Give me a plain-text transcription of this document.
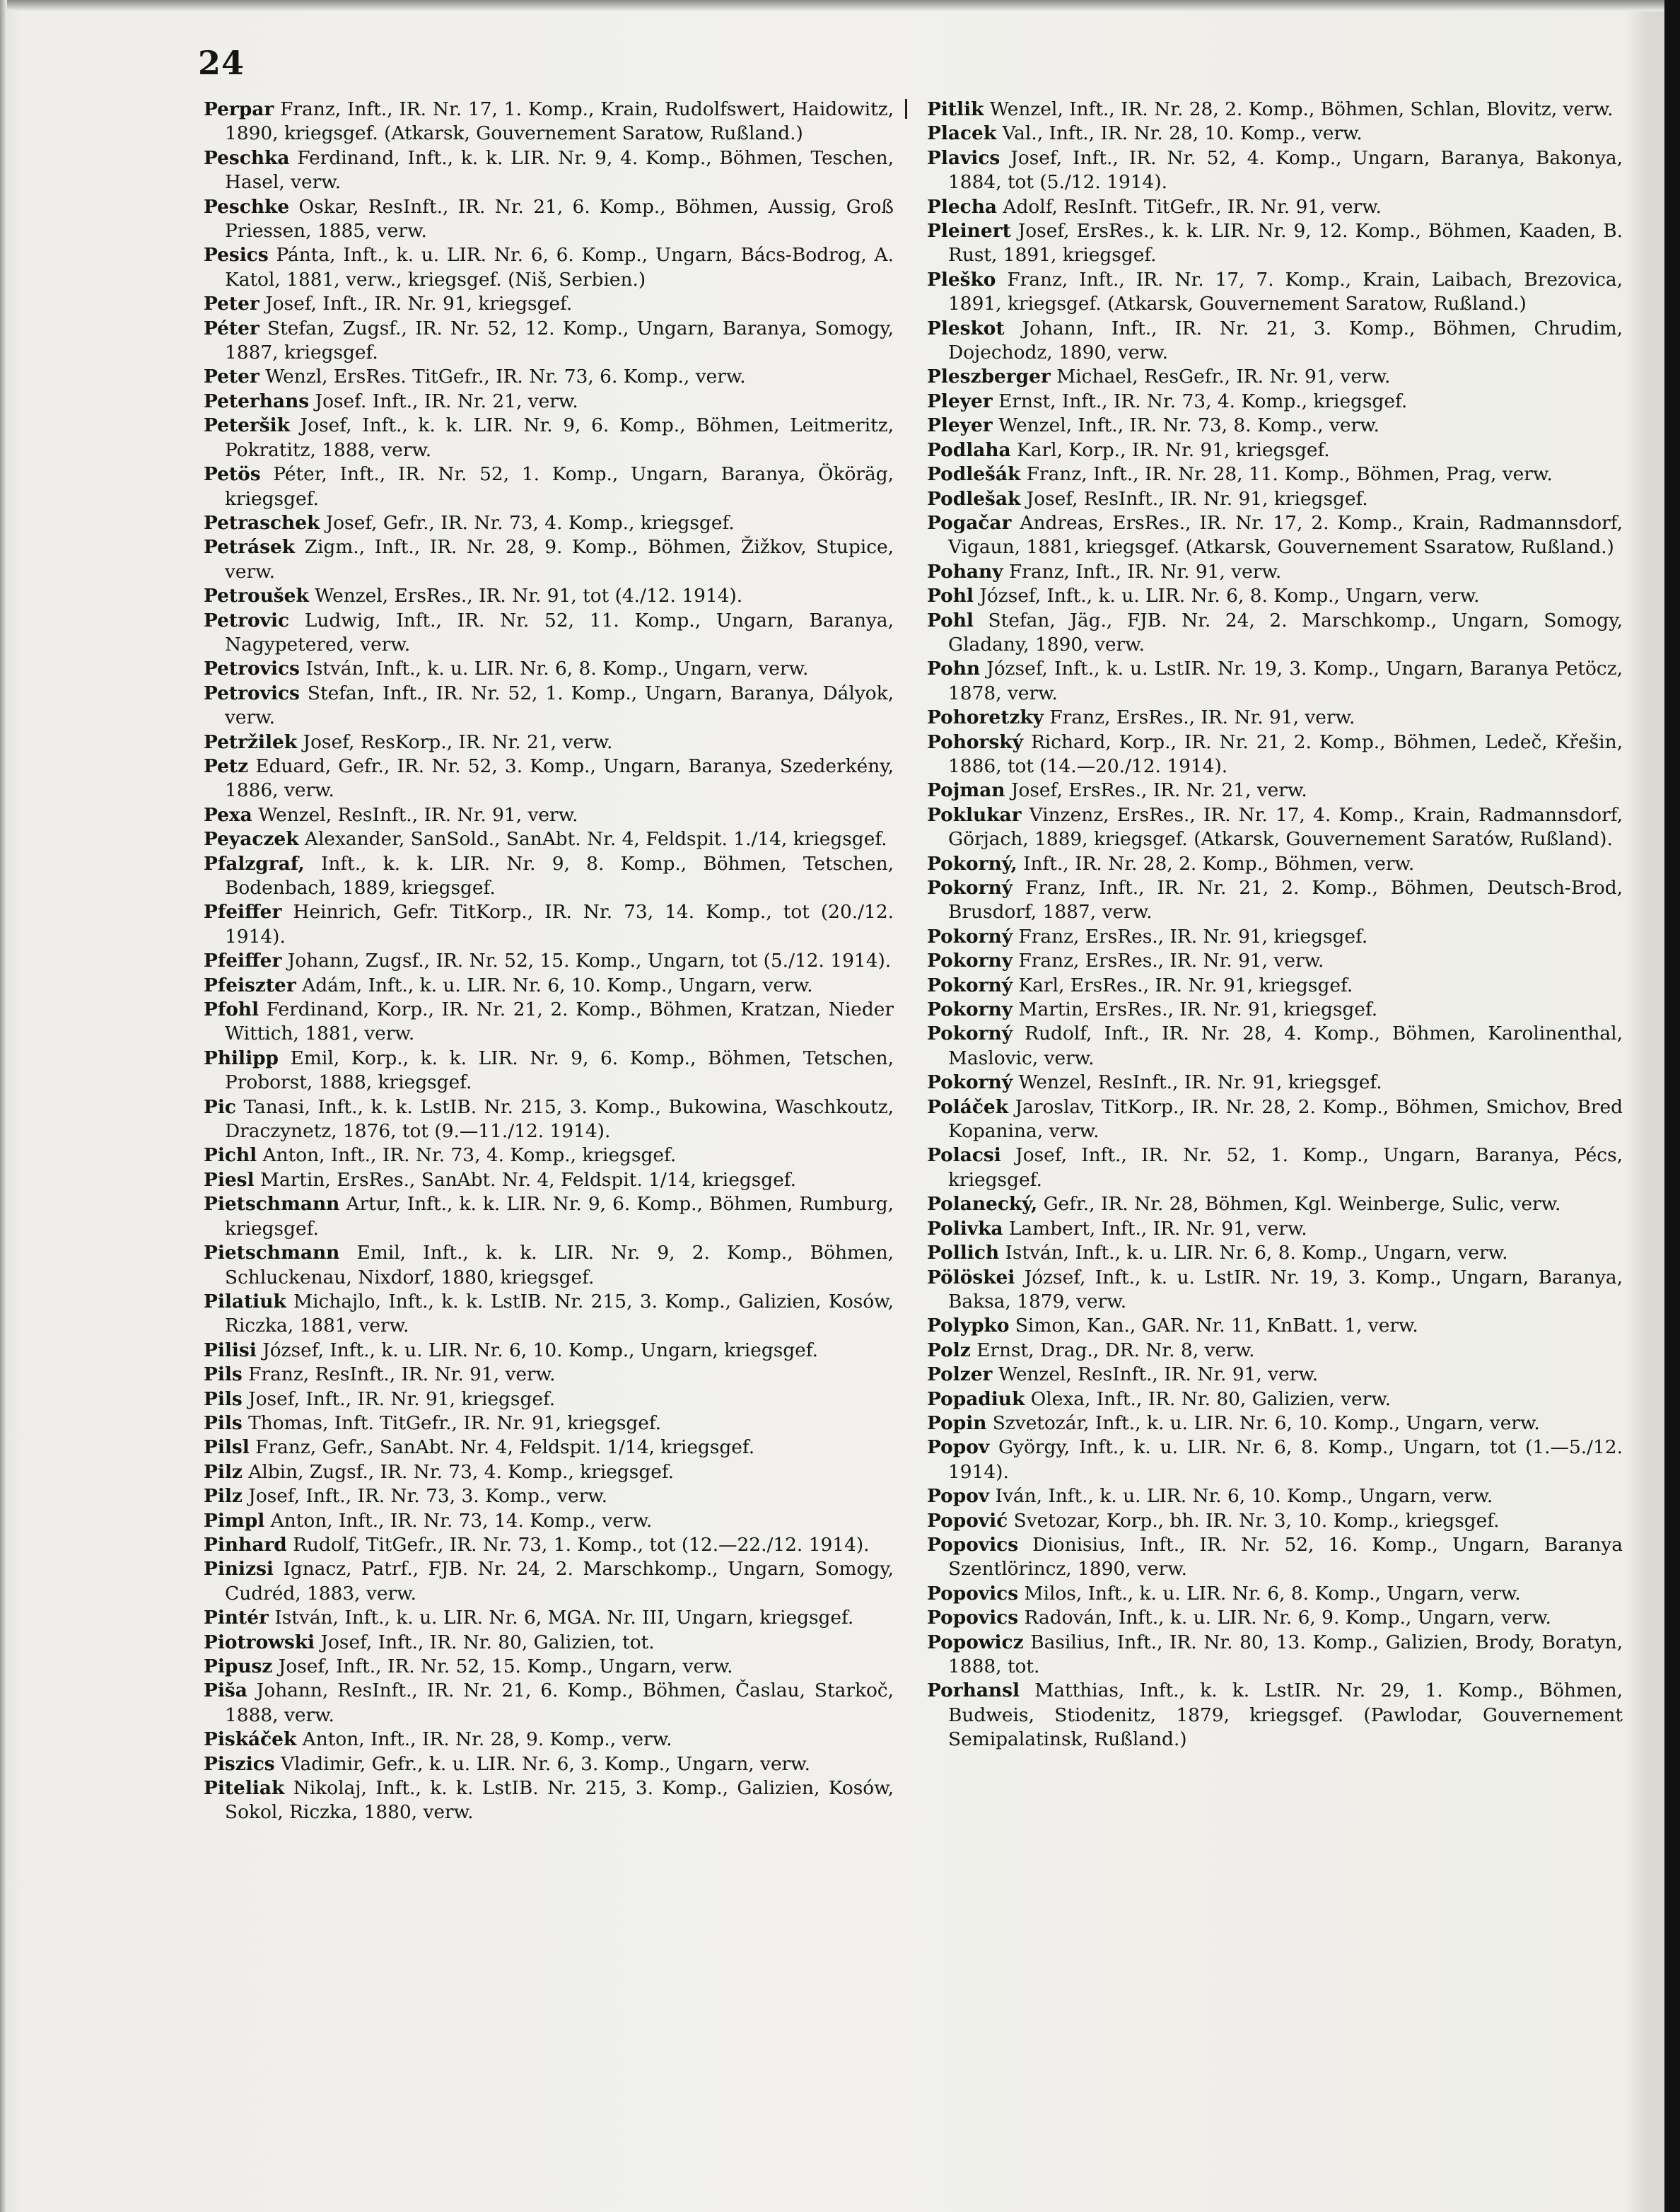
24
Perpar Franz, Inft., IR. Nr. 17, 1. Komp., Krain, Rudolfswert, Haidowitz, 1890, kriegsgef. (Atkarsk, Gouvernement Saratow, Rußland.)
Peschka Ferdinand, Inft., k. k. LIR. Nr. 9, 4. Komp., Böhmen, Teschen, Hasel, verw.
Peschke Oskar, ResInft., IR. Nr. 21, 6. Komp., Böhmen, Aussig, Groß Priessen, 1885, verw.
Pesics Pánta, Inft., k. u. LIR. Nr. 6, 6. Komp., Ungarn, Bács-Bodrog, A. Katol, 1881, verw., kriegsgef. (Niš, Serbien.)
Peter Josef, Inft., IR. Nr. 91, kriegsgef.
Péter Stefan, Zugsf., IR. Nr. 52, 12. Komp., Ungarn, Baranya, Somogy, 1887, kriegsgef.
Peter Wenzl, ErsRes. TitGefr., IR. Nr. 73, 6. Komp., verw.
Peterhans Josef. Inft., IR. Nr. 21, verw.
Peteršik Josef, Inft., k. k. LIR. Nr. 9, 6. Komp., Böhmen, Leitmeritz, Pokratitz, 1888, verw.
Petös Péter, Inft., IR. Nr. 52, 1. Komp., Ungarn, Baranya, Ököräg, kriegsgef.
Petraschek Josef, Gefr., IR. Nr. 73, 4. Komp., kriegsgef.
Petrásek Zigm., Inft., IR. Nr. 28, 9. Komp., Böhmen, Žižkov, Stupice, verw.
Petroušek Wenzel, ErsRes., IR. Nr. 91, tot (4./12. 1914).
Petrovic Ludwig, Inft., IR. Nr. 52, 11. Komp., Ungarn, Baranya, Nagypetered, verw.
Petrovics István, Inft., k. u. LIR. Nr. 6, 8. Komp., Ungarn, verw.
Petrovics Stefan, Inft., IR. Nr. 52, 1. Komp., Ungarn, Baranya, Dályok, verw.
Petržilek Josef, ResKorp., IR. Nr. 21, verw.
Petz Eduard, Gefr., IR. Nr. 52, 3. Komp., Ungarn, Baranya, Szederkény, 1886, verw.
Pexa Wenzel, ResInft., IR. Nr. 91, verw.
Peyaczek Alexander, SanSold., SanAbt. Nr. 4, Feldspit. 1./14, kriegsgef.
Pfalzgraf, Inft., k. k. LIR. Nr. 9, 8. Komp., Böhmen, Tetschen, Bodenbach, 1889, kriegsgef.
Pfeiffer Heinrich, Gefr. TitKorp., IR. Nr. 73, 14. Komp., tot (20./12. 1914).
Pfeiffer Johann, Zugsf., IR. Nr. 52, 15. Komp., Ungarn, tot (5./12. 1914).
Pfeiszter Adám, Inft., k. u. LIR. Nr. 6, 10. Komp., Ungarn, verw.
Pfohl Ferdinand, Korp., IR. Nr. 21, 2. Komp., Böhmen, Kratzan, Nieder Wittich, 1881, verw.
Philipp Emil, Korp., k. k. LIR. Nr. 9, 6. Komp., Böhmen, Tetschen, Proborst, 1888, kriegsgef.
Pic Tanasi, Inft., k. k. LstIB. Nr. 215, 3. Komp., Bukowina, Waschkoutz, Draczynetz, 1876, tot (9.—11./12. 1914).
Pichl Anton, Inft., IR. Nr. 73, 4. Komp., kriegsgef.
Piesl Martin, ErsRes., SanAbt. Nr. 4, Feldspit. 1/14, kriegsgef.
Pietschmann Artur, Inft., k. k. LIR. Nr. 9, 6. Komp., Böhmen, Rumburg, kriegsgef.
Pietschmann Emil, Inft., k. k. LIR. Nr. 9, 2. Komp., Böhmen, Schluckenau, Nixdorf, 1880, kriegsgef.
Pilatiuk Michajlo, Inft., k. k. LstIB. Nr. 215, 3. Komp., Galizien, Kosów, Riczka, 1881, verw.
Pilisi József, Inft., k. u. LIR. Nr. 6, 10. Komp., Ungarn, kriegsgef.
Pils Franz, ResInft., IR. Nr. 91, verw.
Pils Josef, Inft., IR. Nr. 91, kriegsgef.
Pils Thomas, Inft. TitGefr., IR. Nr. 91, kriegsgef.
Pilsl Franz, Gefr., SanAbt. Nr. 4, Feldspit. 1/14, kriegsgef.
Pilz Albin, Zugsf., IR. Nr. 73, 4. Komp., kriegsgef.
Pilz Josef, Inft., IR. Nr. 73, 3. Komp., verw.
Pimpl Anton, Inft., IR. Nr. 73, 14. Komp., verw.
Pinhard Rudolf, TitGefr., IR. Nr. 73, 1. Komp., tot (12.—22./12. 1914).
Pinizsi Ignacz, Patrf., FJB. Nr. 24, 2. Marschkomp., Ungarn, Somogy, Cudréd, 1883, verw.
Pintér István, Inft., k. u. LIR. Nr. 6, MGA. Nr. III, Ungarn, kriegsgef.
Piotrowski Josef, Inft., IR. Nr. 80, Galizien, tot.
Pipusz Josef, Inft., IR. Nr. 52, 15. Komp., Ungarn, verw.
Piša Johann, ResInft., IR. Nr. 21, 6. Komp., Böhmen, Časlau, Starkoč, 1888, verw.
Piskáček Anton, Inft., IR. Nr. 28, 9. Komp., verw.
Piszics Vladimir, Gefr., k. u. LIR. Nr. 6, 3. Komp., Ungarn, verw.
Piteliak Nikolaj, Inft., k. k. LstIB. Nr. 215, 3. Komp., Galizien, Kosów, Sokol, Riczka, 1880, verw.
Pitlik Wenzel, Inft., IR. Nr. 28, 2. Komp., Böhmen, Schlan, Blovitz, verw.
Placek Val., Inft., IR. Nr. 28, 10. Komp., verw.
Plavics Josef, Inft., IR. Nr. 52, 4. Komp., Ungarn, Baranya, Bakonya, 1884, tot (5./12. 1914).
Plecha Adolf, ResInft. TitGefr., IR. Nr. 91, verw.
Pleinert Josef, ErsRes., k. k. LIR. Nr. 9, 12. Komp., Böhmen, Kaaden, B. Rust, 1891, kriegsgef.
Pleško Franz, Inft., IR. Nr. 17, 7. Komp., Krain, Laibach, Brezovica, 1891, kriegsgef. (Atkarsk, Gouvernement Saratow, Rußland.)
Pleskot Johann, Inft., IR. Nr. 21, 3. Komp., Böhmen, Chrudim, Dojechodz, 1890, verw.
Pleszberger Michael, ResGefr., IR. Nr. 91, verw.
Pleyer Ernst, Inft., IR. Nr. 73, 4. Komp., kriegsgef.
Pleyer Wenzel, Inft., IR. Nr. 73, 8. Komp., verw.
Podlaha Karl, Korp., IR. Nr. 91, kriegsgef.
Podlešák Franz, Inft., IR. Nr. 28, 11. Komp., Böhmen, Prag, verw.
Podlešak Josef, ResInft., IR. Nr. 91, kriegsgef.
Pogačar Andreas, ErsRes., IR. Nr. 17, 2. Komp., Krain, Radmannsdorf, Vigaun, 1881, kriegsgef. (Atkarsk, Gouvernement Ssaratow, Rußland.)
Pohany Franz, Inft., IR. Nr. 91, verw.
Pohl József, Inft., k. u. LIR. Nr. 6, 8. Komp., Ungarn, verw.
Pohl Stefan, Jäg., FJB. Nr. 24, 2. Marschkomp., Ungarn, Somogy, Gladany, 1890, verw.
Pohn József, Inft., k. u. LstIR. Nr. 19, 3. Komp., Ungarn, Baranya Petöcz, 1878, verw.
Pohoretzky Franz, ErsRes., IR. Nr. 91, verw.
Pohorský Richard, Korp., IR. Nr. 21, 2. Komp., Böhmen, Ledeč, Křešin, 1886, tot (14.—20./12. 1914).
Pojman Josef, ErsRes., IR. Nr. 21, verw.
Poklukar Vinzenz, ErsRes., IR. Nr. 17, 4. Komp., Krain, Radmannsdorf, Görjach, 1889, kriegsgef. (Atkarsk, Gouvernement Saratów, Rußland).
Pokorný, Inft., IR. Nr. 28, 2. Komp., Böhmen, verw.
Pokorný Franz, Inft., IR. Nr. 21, 2. Komp., Böhmen, Deutsch-Brod, Brusdorf, 1887, verw.
Pokorný Franz, ErsRes., IR. Nr. 91, kriegsgef.
Pokorny Franz, ErsRes., IR. Nr. 91, verw.
Pokorný Karl, ErsRes., IR. Nr. 91, kriegsgef.
Pokorny Martin, ErsRes., IR. Nr. 91, kriegsgef.
Pokorný Rudolf, Inft., IR. Nr. 28, 4. Komp., Böhmen, Karolinenthal, Maslovic, verw.
Pokorný Wenzel, ResInft., IR. Nr. 91, kriegsgef.
Poláček Jaroslav, TitKorp., IR. Nr. 28, 2. Komp., Böhmen, Smichov, Bred Kopanina, verw.
Polacsi Josef, Inft., IR. Nr. 52, 1. Komp., Ungarn, Baranya, Pécs, kriegsgef.
Polanecký, Gefr., IR. Nr. 28, Böhmen, Kgl. Weinberge, Sulic, verw.
Polivka Lambert, Inft., IR. Nr. 91, verw.
Pollich István, Inft., k. u. LIR. Nr. 6, 8. Komp., Ungarn, verw.
Pölöskei József, Inft., k. u. LstIR. Nr. 19, 3. Komp., Ungarn, Baranya, Baksa, 1879, verw.
Polypko Simon, Kan., GAR. Nr. 11, KnBatt. 1, verw.
Polz Ernst, Drag., DR. Nr. 8, verw.
Polzer Wenzel, ResInft., IR. Nr. 91, verw.
Popadiuk Olexa, Inft., IR. Nr. 80, Galizien, verw.
Popin Szvetozár, Inft., k. u. LIR. Nr. 6, 10. Komp., Ungarn, verw.
Popov György, Inft., k. u. LIR. Nr. 6, 8. Komp., Ungarn, tot (1.—5./12. 1914).
Popov Iván, Inft., k. u. LIR. Nr. 6, 10. Komp., Ungarn, verw.
Popović Svetozar, Korp., bh. IR. Nr. 3, 10. Komp., kriegsgef.
Popovics Dionisius, Inft., IR. Nr. 52, 16. Komp., Ungarn, Baranya Szentlörincz, 1890, verw.
Popovics Milos, Inft., k. u. LIR. Nr. 6, 8. Komp., Ungarn, verw.
Popovics Radován, Inft., k. u. LIR. Nr. 6, 9. Komp., Ungarn, verw.
Popowicz Basilius, Inft., IR. Nr. 80, 13. Komp., Galizien, Brody, Boratyn, 1888, tot.
Porhansl Matthias, Inft., k. k. LstIR. Nr. 29, 1. Komp., Böhmen, Budweis, Stiodenitz, 1879, kriegsgef. (Pawlodar, Gouvernement Semipalatinsk, Rußland.)
